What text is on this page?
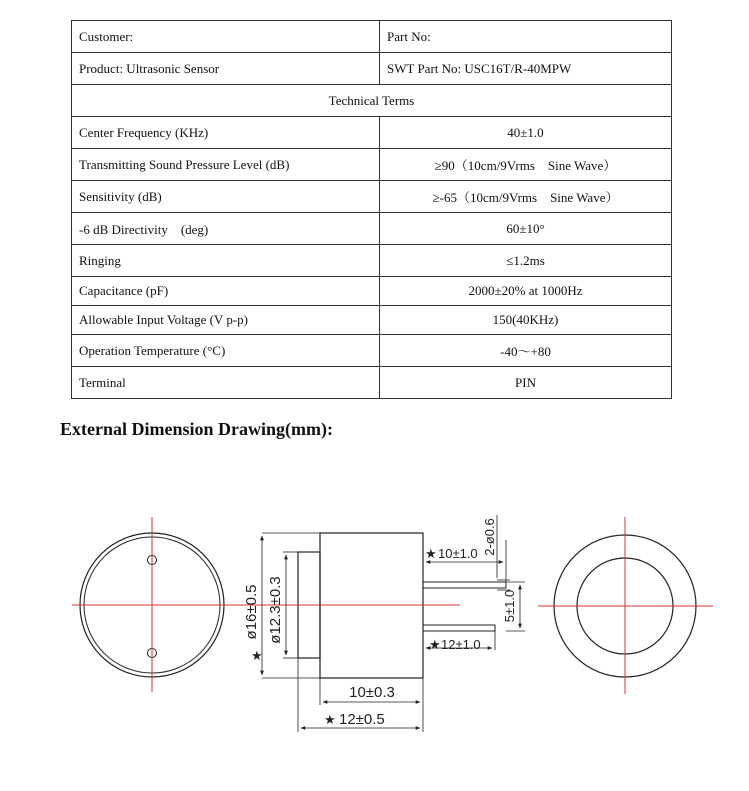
Customer:	Part No:
Product: Ultrasonic Sensor	SWT Part No: USC16T/R-40MPW
Technical Terms	
Center Frequency (KHz)	40±1.0
Transmitting Sound Pressure Level (dB)	≥90（10cm/9Vrms　Sine Wave）
Sensitivity (dB)	≥-65（10cm/9Vrms　Sine Wave）
-6 dB Directivity　(deg)	60±10°
Ringing	≤1.2ms
Capacitance (pF)	2000±20% at 1000Hz
Allowable Input Voltage (V p-p)	150(40KHz)
Operation Temperature (°C)	-40～+80
Terminal	PIN
External Dimension Drawing(mm):
ø16±0.5 ø12.3±0.3
★
10±0.3
★ 12±0.5
★ 10±1.0
★ 12±1.0
2-ø0.6
5±1.0
